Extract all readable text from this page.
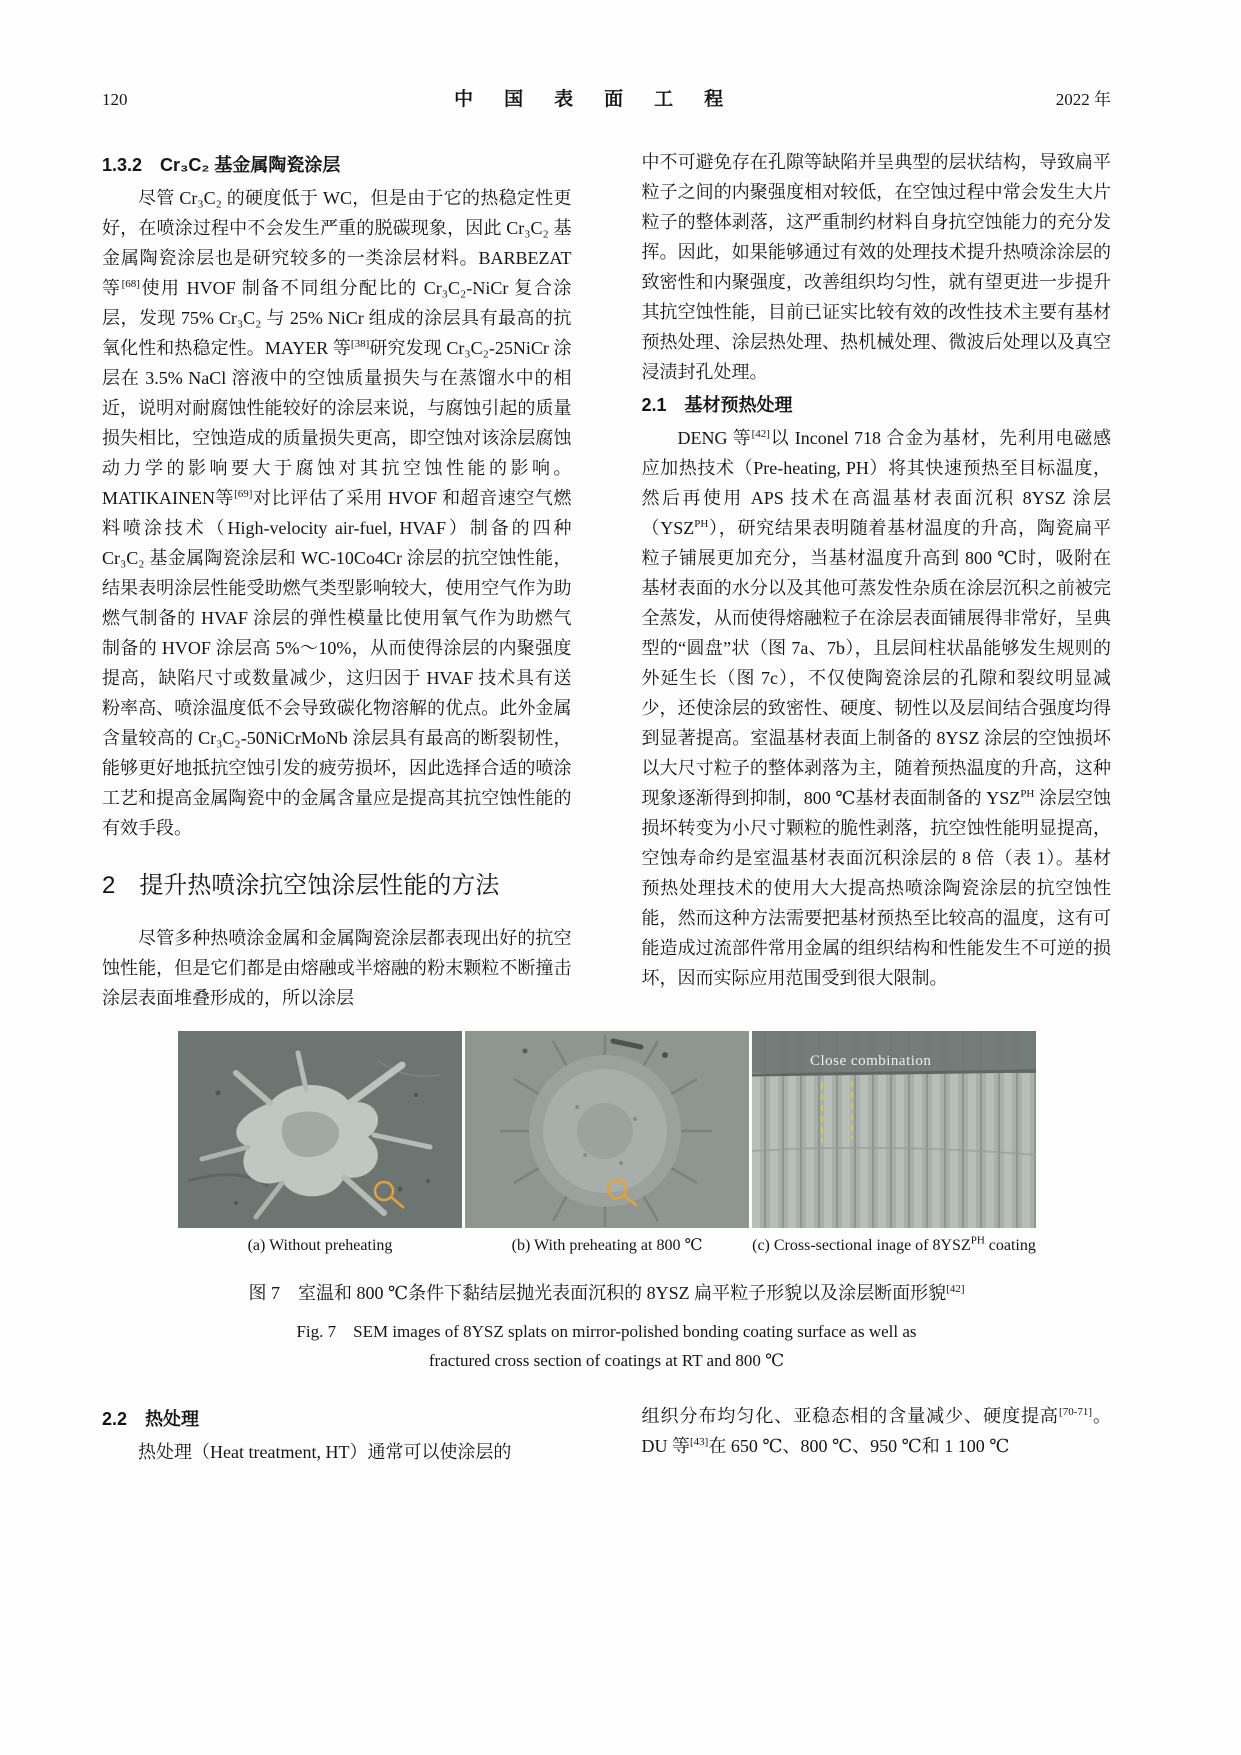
120	中　国　表　面　工　程	2022 年
1.3.2　Cr₃C₂ 基金属陶瓷涂层

尽管 Cr₃C₂ 的硬度低于 WC，但是由于它的热稳定性更好，在喷涂过程中不会发生严重的脱碳现象，因此 Cr₃C₂ 基金属陶瓷涂层也是研究较多的一类涂层材料。BARBEZAT 等[68]使用 HVOF 制备不同组分配比的 Cr₃C₂-NiCr 复合涂层，发现 75% Cr₃C₂ 与 25% NiCr 组成的涂层具有最高的抗氧化性和热稳定性。MAYER 等[38]研究发现 Cr₃C₂-25NiCr 涂层在 3.5% NaCl 溶液中的空蚀质量损失与在蒸馏水中的相近，说明对耐腐蚀性能较好的涂层来说，与腐蚀引起的质量损失相比，空蚀造成的质量损失更高，即空蚀对该涂层腐蚀动力学的影响要大于腐蚀对其抗空蚀性能的影响。MATIKAINEN等[69]对比评估了采用 HVOF 和超音速空气燃料喷涂技术（High-velocity air-fuel, HVAF）制备的四种 Cr₃C₂ 基金属陶瓷涂层和 WC-10Co4Cr 涂层的抗空蚀性能，结果表明涂层性能受助燃气类型影响较大，使用空气作为助燃气制备的 HVAF 涂层的弹性模量比使用氧气作为助燃气制备的 HVOF 涂层高 5%～10%，从而使得涂层的内聚强度提高，缺陷尺寸或数量减少，这归因于 HVAF 技术具有送粉率高、喷涂温度低不会导致碳化物溶解的优点。此外金属含量较高的 Cr₃C₂-50NiCrMoNb 涂层具有最高的断裂韧性，能够更好地抵抗空蚀引发的疲劳损坏，因此选择合适的喷涂工艺和提高金属陶瓷中的金属含量应是提高其抗空蚀性能的有效手段。

2　提升热喷涂抗空蚀涂层性能的方法

尽管多种热喷涂金属和金属陶瓷涂层都表现出好的抗空蚀性能，但是它们都是由熔融或半熔融的粉末颗粒不断撞击涂层表面堆叠形成的，所以涂层

中不可避免存在孔隙等缺陷并呈典型的层状结构，导致扁平粒子之间的内聚强度相对较低，在空蚀过程中常会发生大片粒子的整体剥落，这严重制约材料自身抗空蚀能力的充分发挥。因此，如果能够通过有效的处理技术提升热喷涂涂层的致密性和内聚强度，改善组织均匀性，就有望更进一步提升其抗空蚀性能，目前已证实比较有效的改性技术主要有基材预热处理、涂层热处理、热机械处理、微波后处理以及真空浸渍封孔处理。

2.1　基材预热处理

DENG 等[42]以 Inconel 718 合金为基材，先利用电磁感应加热技术（Pre-heating, PH）将其快速预热至目标温度，然后再使用 APS 技术在高温基材表面沉积 8YSZ 涂层$(YSZ^{PH})$，研究结果表明随着基材温度的升高，陶瓷扁平粒子铺展更加充分，当基材温度升高到 800 ℃时，吸附在基材表面的水分以及其他可蒸发性杂质在涂层沉积之前被完全蒸发，从而使得熔融粒子在涂层表面铺展得非常好，呈典型的“圆盘”状（图 7a、7b），且层间柱状晶能够发生规则的外延生长（图 7c），不仅使陶瓷涂层的孔隙和裂纹明显减少，还使涂层的致密性、硬度、韧性以及层间结合强度均得到显著提高。室温基材表面上制备的 8YSZ 涂层的空蚀损坏以大尺寸粒子的整体剥落为主，随着预热温度的升高，这种现象逐渐得到抑制，800 ℃基材表面制备的 $YSZ^{PH}$ 涂层空蚀损坏转变为小尺寸颗粒的脆性剥落，抗空蚀性能明显提高，空蚀寿命约是室温基材表面沉积涂层的 8 倍（表 1）。基材预热处理技术的使用大大提高热喷涂陶瓷涂层的抗空蚀性能，然而这种方法需要把基材预热至比较高的温度，这有可能造成过流部件常用金属的组织结构和性能发生不可逆的损坏，因而实际应用范围受到很大限制。

Close combination
(a) Without preheating	(b) With preheating at 800 ℃	(c) Cross-sectional inage of $8YSZ^{PH}$ coating

图 7　室温和 800 ℃条件下黏结层抛光表面沉积的 8YSZ 扁平粒子形貌以及涂层断面形貌[42]

Fig. 7　SEM images of 8YSZ splats on mirror-polished bonding coating surface as well as

fractured cross section of coatings at RT and 800 ℃

2.2　热处理

热处理（Heat treatment, HT）通常可以使涂层的

组织分布均匀化、亚稳态相的含量减少、硬度提高[70-71]。DU 等[43]在 650 ℃、800 ℃、950 ℃和 1 100 ℃
